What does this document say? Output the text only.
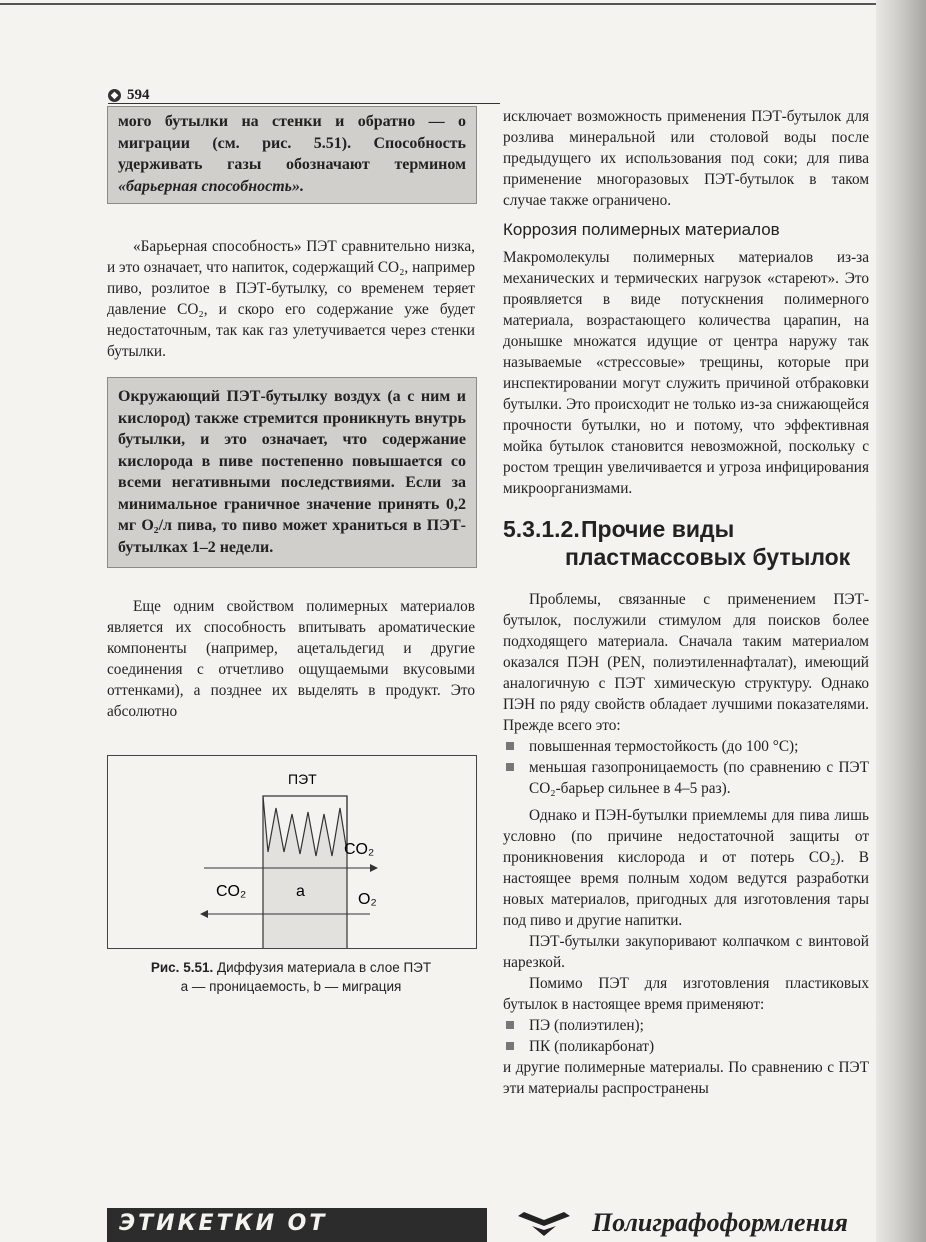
◆ 594
мого бутылки на стенки и обратно — о миграции (см. рис. 5.51). Способность удерживать газы обозначают термином «барьерная способность».

«Барьерная способность» ПЭТ сравнительно низка, и это означает, что напиток, содержащий CO₂, например пиво, розлитое в ПЭТ-бутылку, со временем теряет давление CO₂, и скоро его содержание уже будет недостаточным, так как газ улетучивается через стенки бутылки.

Окружающий ПЭТ-бутылку воздух (а с ним и кислород) также стремится проникнуть внутрь бутылки, и это означает, что содержание кислорода в пиве постепенно повышается со всеми негативными последствиями. Если за минимальное граничное значение принять 0,2 мг O₂/л пива, то пиво может храниться в ПЭТ-бутылках 1–2 недели.

Еще одним свойством полимерных материалов является их способность впитывать ароматические компоненты (например, ацетальдегид и другие соединения с отчетливо ощущаемыми вкусовыми оттенками), а позднее их выделять в продукт. Это абсолютно

ПЭТ
CO₂
CO₂	a	O₂
Рис. 5.51. Диффузия материала в слое ПЭТ
a — проницаемость, b — миграция

исключает возможность применения ПЭТ-бутылок для розлива минеральной или столовой воды после предыдущего их использования под соки; для пива применение многоразовых ПЭТ-бутылок в таком случае также ограничено.

Коррозия полимерных материалов

Макромолекулы полимерных материалов из-за механических и термических нагрузок «стареют». Это проявляется в виде потускнения полимерного материала, возрастающего количества царапин, на донышке множатся идущие от центра наружу так называемые «стрессовые» трещины, которые при инспектировании могут служить причиной отбраковки бутылки. Это происходит не только из-за снижающейся прочности бутылки, но и потому, что эффективная мойка бутылок становится невозможной, поскольку с ростом трещин увеличивается и угроза инфицирования микроорганизмами.

5.3.1.2.Прочие виды
пластмассовых бутылок

Проблемы, связанные с применением ПЭТ-бутылок, послужили стимулом для поисков более подходящего материала. Сначала таким материалом оказался ПЭН (PEN, полиэтиленнафталат), имеющий аналогичную с ПЭТ химическую структуру. Однако ПЭН по ряду свойств обладает лучшими показателями. Прежде всего это:

повышенная термостойкость (до 100 °С);
меньшая газопроницаемость (по сравнению с ПЭТ CO₂-барьер сильнее в 4–5 раз).

Однако и ПЭН-бутылки приемлемы для пива лишь условно (по причине недостаточной защиты от проникновения кислорода и от потерь CO₂). В настоящее время полным ходом ведутся разработки новых материалов, пригодных для изготовления тары под пиво и другие напитки.

ПЭТ-бутылки закупоривают колпачком с винтовой нарезкой.

Помимо ПЭТ для изготовления пластиковых бутылок в настоящее время применяют:

ПЭ (полиэтилен);
ПК (поликарбонат)

и другие полимерные материалы. По сравнению с ПЭТ эти материалы распространены

ЭТИКЕТКИ ОТ	Полиграфоформления
